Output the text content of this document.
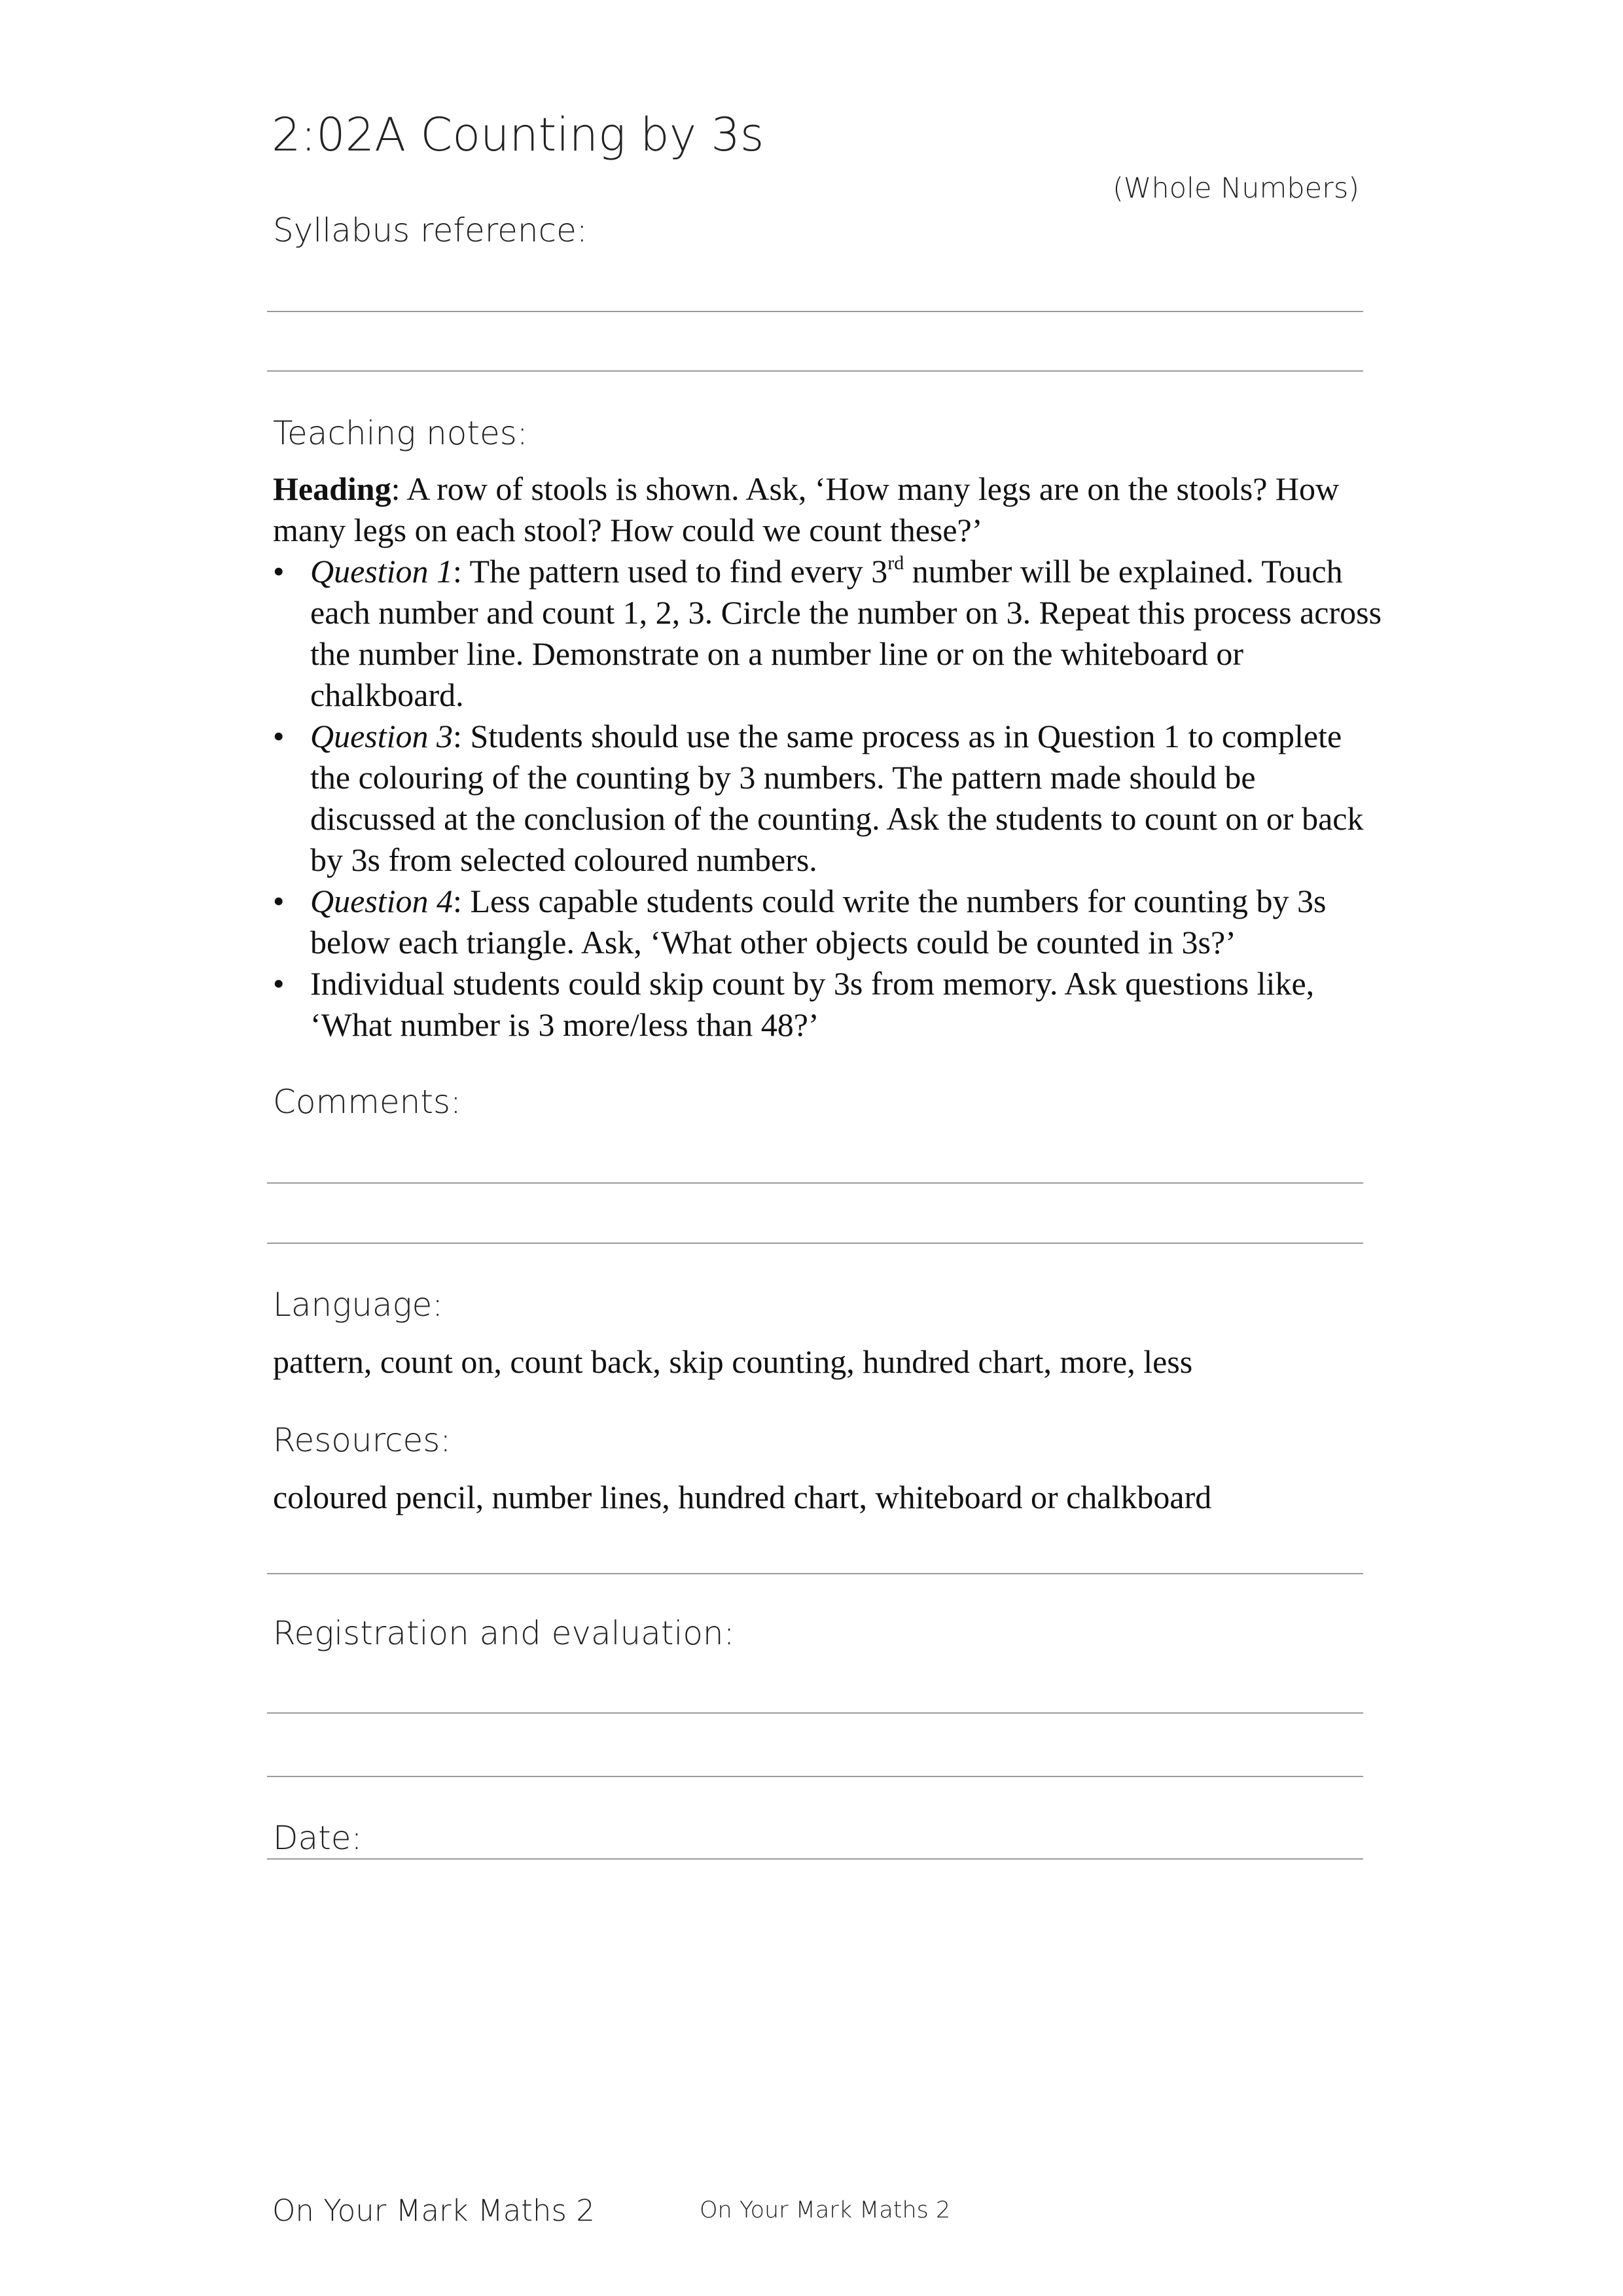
2:02A Counting by 3s
(Whole Numbers)
Syllabus reference:
Teaching notes:

Heading: A row of stools is shown. Ask, ‘How many legs are on the stools? How many legs on each stool? How could we count these?’

• Question 1: The pattern used to find every 3rd number will be explained. Touch each number and count 1, 2, 3. Circle the number on 3. Repeat this process across the number line. Demonstrate on a number line or on the whiteboard or chalkboard.
• Question 3: Students should use the same process as in Question 1 to complete the colouring of the counting by 3 numbers. The pattern made should be discussed at the conclusion of the counting. Ask the students to count on or back by 3s from selected coloured numbers.
• Question 4: Less capable students could write the numbers for counting by 3s below each triangle. Ask, ‘What other objects could be counted in 3s?’
• Individual students could skip count by 3s from memory. Ask questions like, ‘What number is 3 more/less than 48?’
Comments:
Language:
pattern, count on, count back, skip counting, hundred chart, more, less
Resources:
coloured pencil, number lines, hundred chart, whiteboard or chalkboard
Registration and evaluation:
Date:
On Your Mark Maths 2	On Your Mark Maths 2
